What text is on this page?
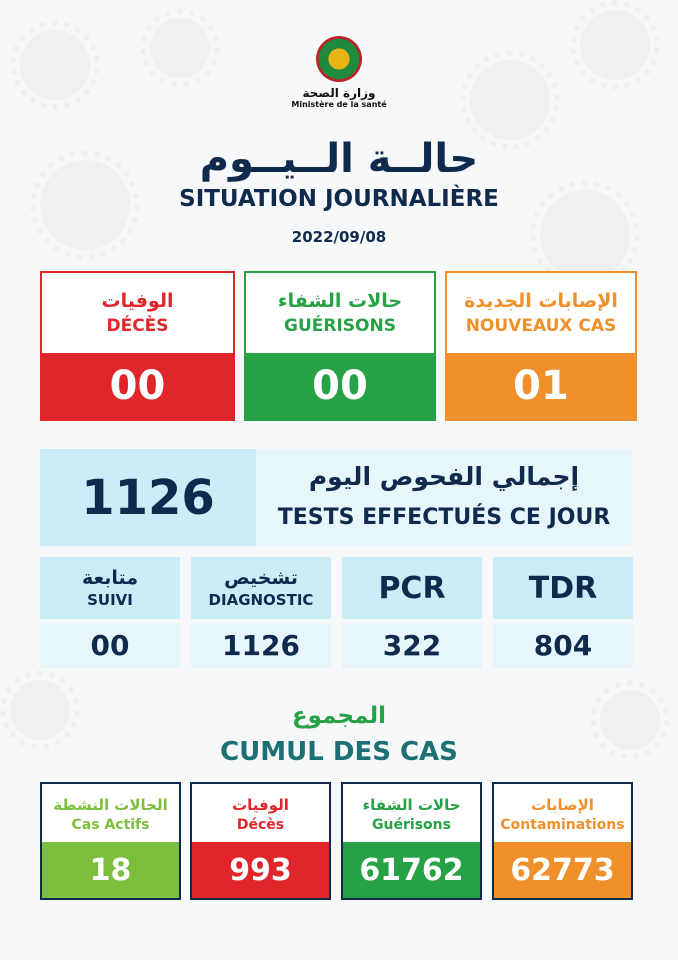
وزارة الصحة
Ministère de la santé
حالــة الــيــوم
SITUATION JOURNALIÈRE
2022/09/08
الوفيات
DÉCÈS
00
حالات الشفاء
GUÉRISONS
00
الإصابات الجديدة
NOUVEAUX CAS
01
1126	إجمالي الفحوص اليوم
TESTS EFFECTUÉS CE JOUR
متابعة
SUIVI
00
تشخيص
DIAGNOSTIC
1126
PCR
322
TDR
804
المجموع
CUMUL DES CAS
الحالات النشطة
Cas Actifs
18
الوفيات
Décès
993
حالات الشفاء
Guérisons
61762
الإصابات
Contaminations
62773
